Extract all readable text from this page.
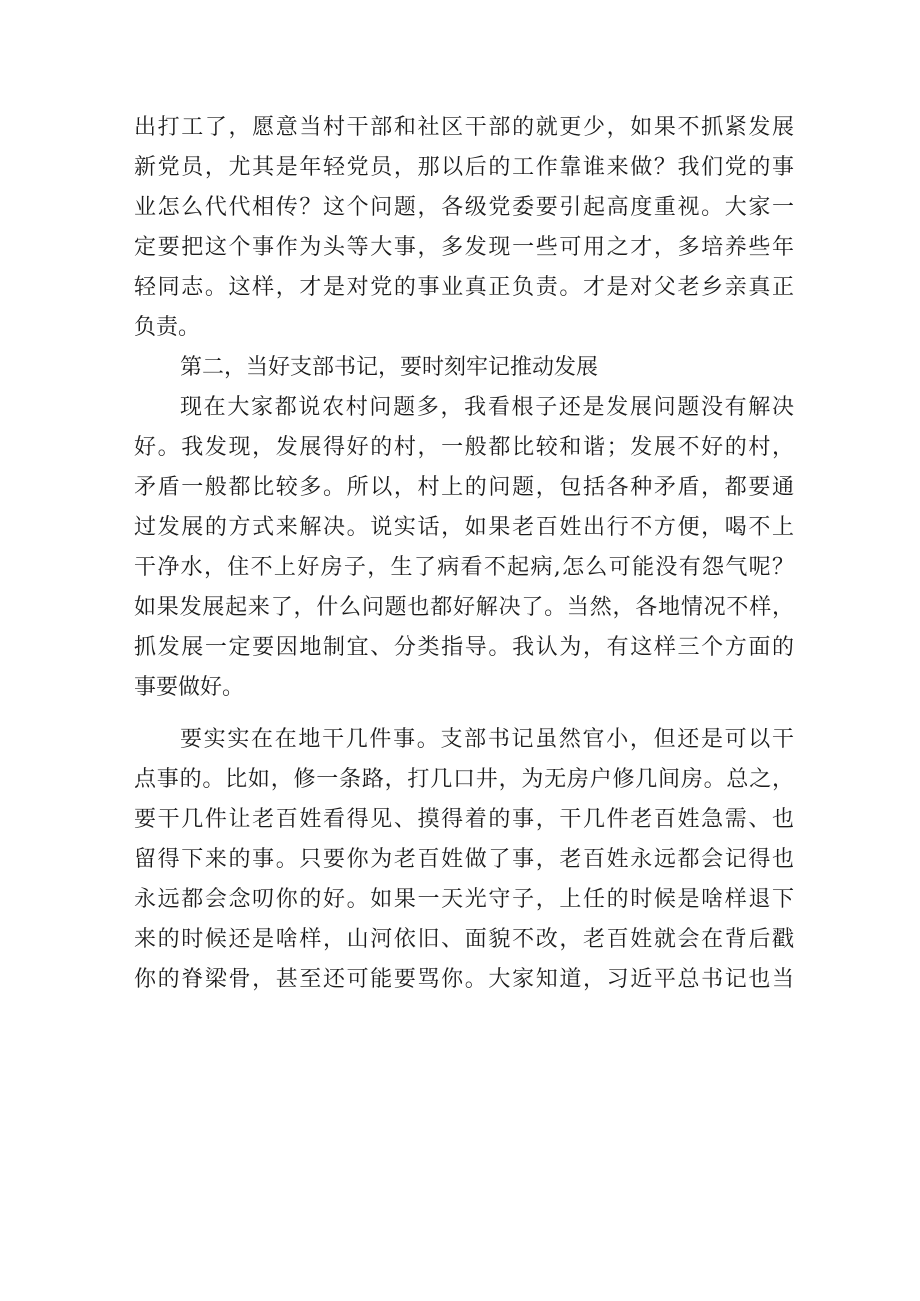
出打工了，愿意当村干部和社区干部的就更少，如果不抓紧发展
新党员，尤其是年轻党员，那以后的工作靠谁来做？我们党的事
业怎么代代相传？这个问题，各级党委要引起高度重视。大家一
定要把这个事作为头等大事，多发现一些可用之才，多培养些年
轻同志。这样，才是对党的事业真正负责。才是对父老乡亲真正
负责。
第二，当好支部书记，要时刻牢记推动发展
现在大家都说农村问题多，我看根子还是发展问题没有解决
好。我发现，发展得好的村，一般都比较和谐；发展不好的村，
矛盾一般都比较多。所以，村上的问题，包括各种矛盾，都要通
过发展的方式来解决。说实话，如果老百姓出行不方便，喝不上
干净水，住不上好房子，生了病看不起病,怎么可能没有怨气呢？
如果发展起来了，什么问题也都好解决了。当然，各地情况不样，
抓发展一定要因地制宜、分类指导。我认为，有这样三个方面的
事要做好。
要实实在在地干几件事。支部书记虽然官小，但还是可以干
点事的。比如，修一条路，打几口井，为无房户修几间房。总之，
要干几件让老百姓看得见、摸得着的事，干几件老百姓急需、也
留得下来的事。只要你为老百姓做了事，老百姓永远都会记得也
永远都会念叨你的好。如果一天光守子，上任的时候是啥样退下
来的时候还是啥样，山河依旧、面貌不改，老百姓就会在背后戳
你的脊梁骨，甚至还可能要骂你。大家知道，习近平总书记也当
